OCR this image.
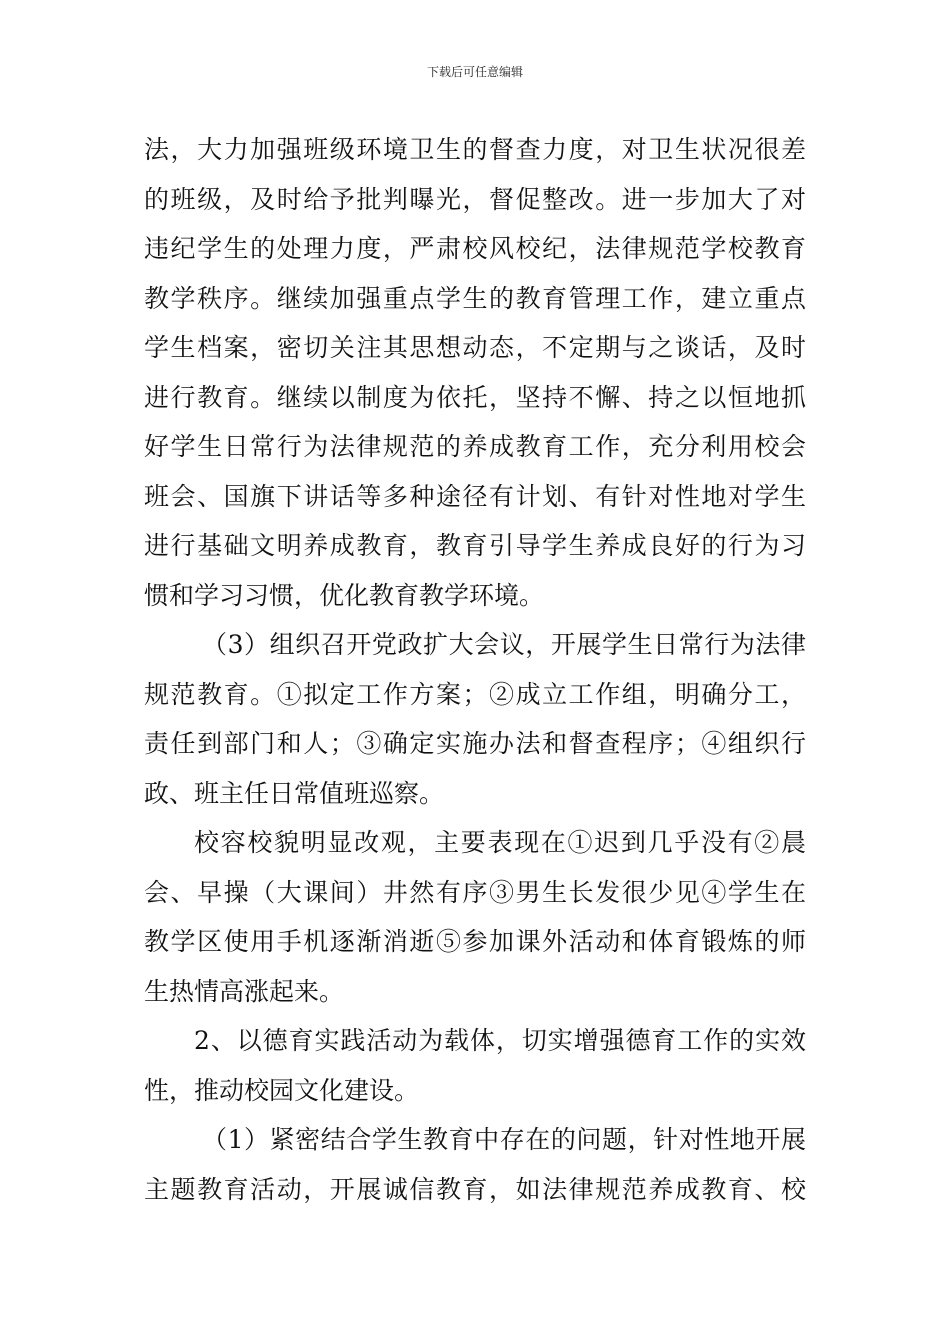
下载后可任意编辑
法，大力加强班级环境卫生的督查力度，对卫生状况很差
的班级，及时给予批判曝光，督促整改。进一步加大了对
违纪学生的处理力度，严肃校风校纪，法律规范学校教育
教学秩序。继续加强重点学生的教育管理工作，建立重点
学生档案，密切关注其思想动态，不定期与之谈话，及时
进行教育。继续以制度为依托，坚持不懈、持之以恒地抓
好学生日常行为法律规范的养成教育工作，充分利用校会
班会、国旗下讲话等多种途径有计划、有针对性地对学生
进行基础文明养成教育，教育引导学生养成良好的行为习
惯和学习习惯，优化教育教学环境。
（3）组织召开党政扩大会议，开展学生日常行为法律
规范教育。①拟定工作方案；②成立工作组，明确分工，
责任到部门和人；③确定实施办法和督查程序；④组织行
政、班主任日常值班巡察。
校容校貌明显改观，主要表现在①迟到几乎没有②晨
会、早操（大课间）井然有序③男生长发很少见④学生在
教学区使用手机逐渐消逝⑤参加课外活动和体育锻炼的师
生热情高涨起来。
2、以德育实践活动为载体，切实增强德育工作的实效
性，推动校园文化建设。
（1）紧密结合学生教育中存在的问题，针对性地开展
主题教育活动，开展诚信教育，如法律规范养成教育、校
